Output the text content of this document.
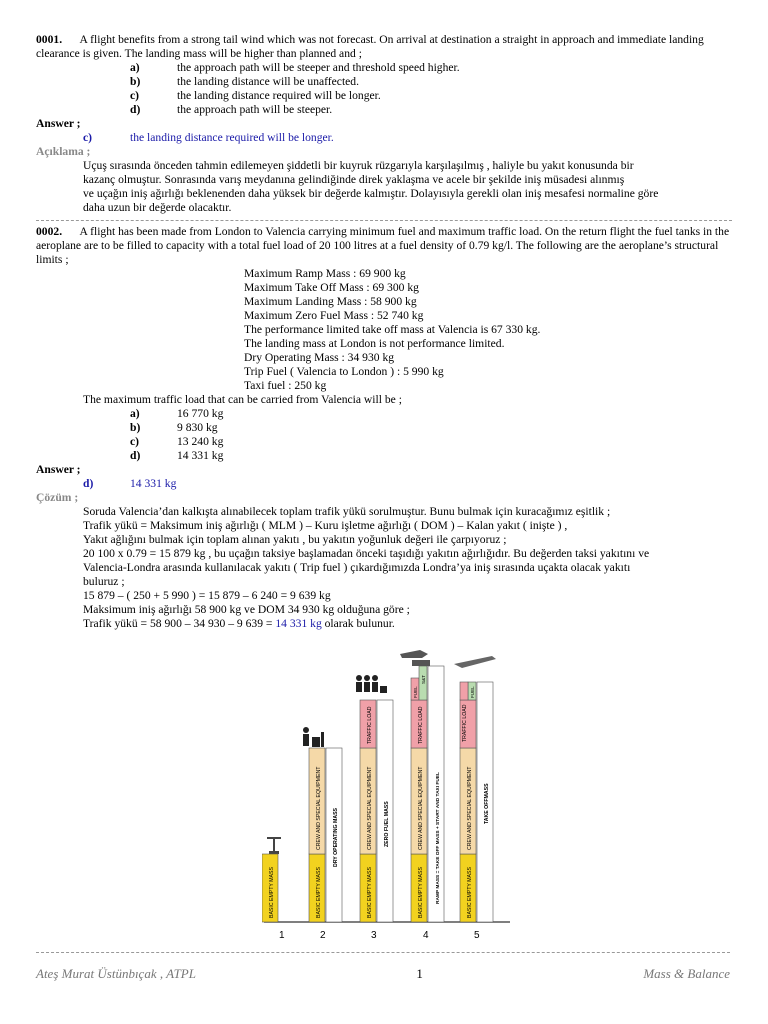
0001. A flight benefits from a strong tail wind which was not forecast. On arrival at destination a straight in approach and immediate landing clearance is given. The landing mass will be higher than planned and ;

a)	the approach path will be steeper and threshold speed higher.
b)	the landing distance will be unaffected.
c)	the landing distance required will be longer.
d)	the approach path will be steeper.

Answer ;

c)	the landing distance required will be longer.

Açıklama ;

Uçuş sırasında önceden tahmin edilemeyen şiddetli bir kuyruk rüzgarıyla karşılaşılmış , haliyle bu yakıt konusunda bir

kazanç olmuştur. Sonrasında varış meydanına gelindiğinde direk yaklaşma ve acele bir şekilde iniş müsadesi alınmış

ve uçağın iniş ağırlığı beklenenden daha yüksek bir değerde kalmıştır. Dolayısıyla gerekli olan iniş mesafesi normaline göre

daha uzun bir değerde olacaktır.

0002. A flight has been made from London to Valencia carrying minimum fuel and maximum traffic load. On the return flight the fuel tanks in the aeroplane are to be filled to capacity with a total fuel load of 20 100 litres at a fuel density of 0.79 kg/l. The following are the aeroplane’s structural limits ;

Maximum Ramp Mass : 69 900 kg

Maximum Take Off Mass : 69 300 kg

Maximum Landing Mass : 58 900 kg

Maximum Zero Fuel Mass : 52 740 kg

The performance limited take off mass at Valencia is 67 330 kg.

The landing mass at London is not performance limited.

Dry Operating Mass : 34 930 kg

Trip Fuel ( Valencia to London ) : 5 990 kg

Taxi fuel : 250 kg

The maximum traffic load that can be carried from Valencia will be ;

a)	16 770 kg
b)	9 830 kg
c)	13 240 kg
d)	14 331 kg

Answer ;

d)	14 331 kg

Çözüm ;

Soruda Valencia’dan kalkışta alınabilecek toplam trafik yükü sorulmuştur. Bunu bulmak için kuracağımız eşitlik ;

Trafik yükü = Maksimum iniş ağırlığı ( MLM ) – Kuru işletme ağırlığı ( DOM ) – Kalan yakıt ( inişte ) ,

Yakıt ağlığını bulmak için toplam alınan yakıtı , bu yakıtın yoğunluk değeri ile çarpıyoruz ;

20 100 x 0.79 = 15 879 kg , bu uçağın taksiye başlamadan önceki taşıdığı yakıtın ağırlığıdır. Bu değerden taksi yakıtını ve

Valencia-Londra arasında kullanılacak yakıtı ( Trip fuel ) çıkardığımızda Londra’ya iniş sırasında uçakta olacak yakıtı

buluruz ;

15 879 – ( 250 + 5 990 ) = 15 879 – 6 240 = 9 639 kg

Maksimum iniş ağırlığı 58 900 kg ve DOM 34 930 kg olduğuna göre ;

Trafik yükü = 58 900 – 34 930 – 9 639 = 14 331 kg olarak bulunur.

BASIC EMPTY MASS	BASIC EMPTY MASS
CREW AND SPECIAL EQUIPMENT DRY OPERATING MASS
BASIC EMPTY MASS
CREW AND SPECIAL EQUIPMENT
TRAFFIC LOAD
ZERO FUEL MASS
BASIC EMPTY MASS
CREW AND SPECIAL EQUIPMENT
TRAFFIC LOAD
FUEL
S&T
RAMP MASS = TAKE OFF MASS + START AND TAXI FUEL	BASIC EMPTY MASS
CREW AND SPECIAL EQUIPMENT
TRAFFIC LOAD
FUEL
TAKE OFFMASS
1	2	3	4	5
Ateş Murat Üstünbıçak , ATPL	1	Mass & Balance
